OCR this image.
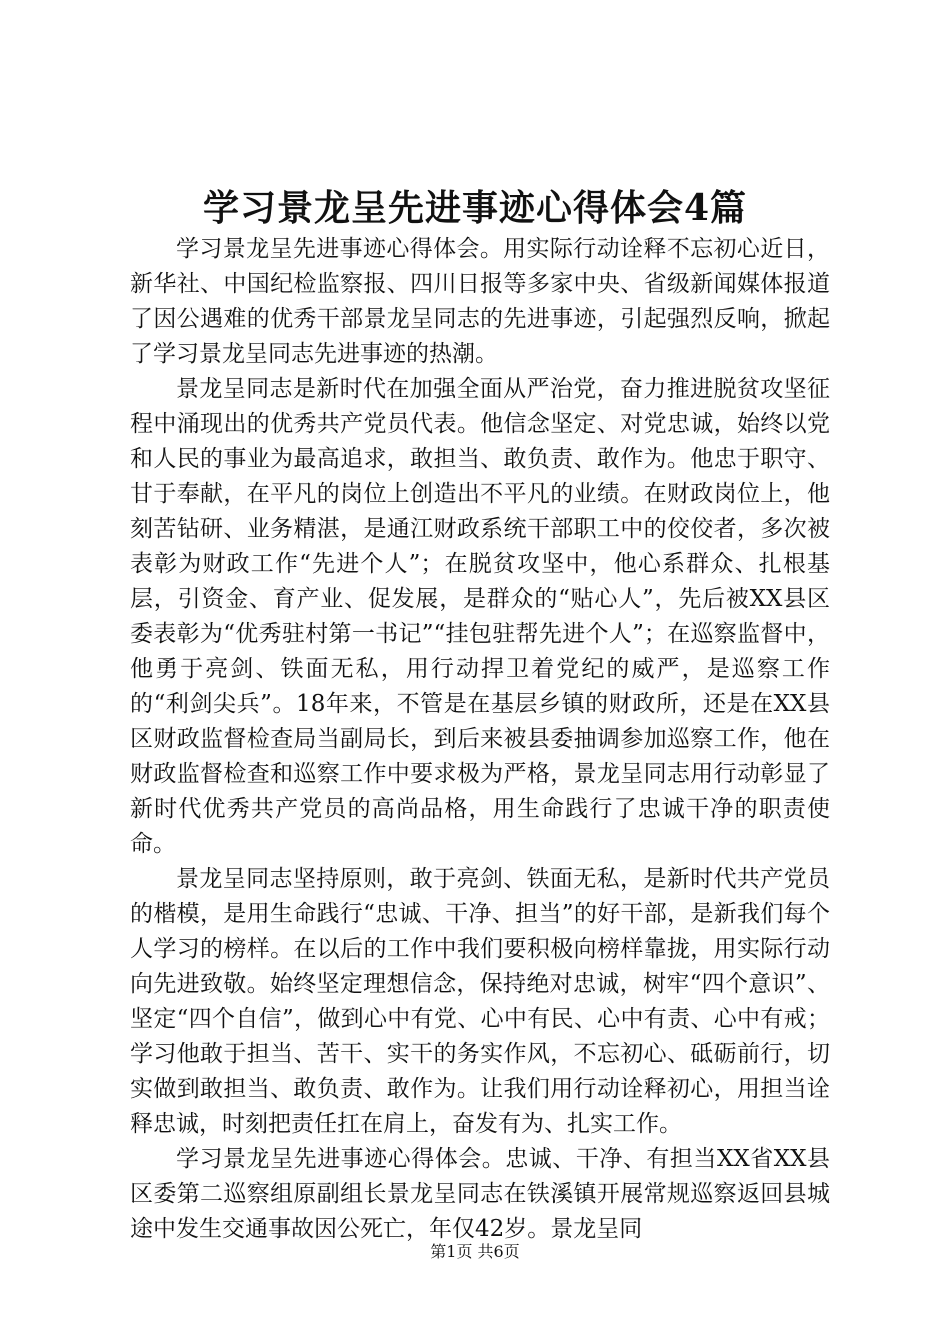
学习景龙呈先进事迹心得体会4篇

学习景龙呈先进事迹心得体会。用实际行动诠释不忘初心近日，新华社、中国纪检监察报、四川日报等多家中央、省级新闻媒体报道了因公遇难的优秀干部景龙呈同志的先进事迹，引起强烈反响，掀起了学习景龙呈同志先进事迹的热潮。

景龙呈同志是新时代在加强全面从严治党，奋力推进脱贫攻坚征程中涌现出的优秀共产党员代表。他信念坚定、对党忠诚，始终以党和人民的事业为最高追求，敢担当、敢负责、敢作为。他忠于职守、甘于奉献，在平凡的岗位上创造出不平凡的业绩。在财政岗位上，他刻苦钻研、业务精湛，是通江财政系统干部职工中的佼佼者，多次被表彰为财政工作“先进个人”；在脱贫攻坚中，他心系群众、扎根基层，引资金、育产业、促发展，是群众的“贴心人”，先后被XX县区委表彰为“优秀驻村第一书记”“挂包驻帮先进个人”；在巡察监督中，他勇于亮剑、铁面无私，用行动捍卫着党纪的威严，是巡察工作的“利剑尖兵”。18年来，不管是在基层乡镇的财政所，还是在XX县区财政监督检查局当副局长，到后来被县委抽调参加巡察工作，他在财政监督检查和巡察工作中要求极为严格，景龙呈同志用行动彰显了新时代优秀共产党员的高尚品格，用生命践行了忠诚干净的职责使命。

景龙呈同志坚持原则，敢于亮剑、铁面无私，是新时代共产党员的楷模，是用生命践行“忠诚、干净、担当”的好干部，是新我们每个人学习的榜样。在以后的工作中我们要积极向榜样靠拢，用实际行动向先进致敬。始终坚定理想信念，保持绝对忠诚，树牢“四个意识”、坚定“四个自信”，做到心中有党、心中有民、心中有责、心中有戒；学习他敢于担当、苦干、实干的务实作风，不忘初心、砥砺前行，切实做到敢担当、敢负责、敢作为。让我们用行动诠释初心，用担当诠释忠诚，时刻把责任扛在肩上，奋发有为、扎实工作。

学习景龙呈先进事迹心得体会。忠诚、干净、有担当XX省XX县区委第二巡察组原副组长景龙呈同志在铁溪镇开展常规巡察返回县城途中发生交通事故因公死亡，年仅42岁。景龙呈同

第1页 共6页
